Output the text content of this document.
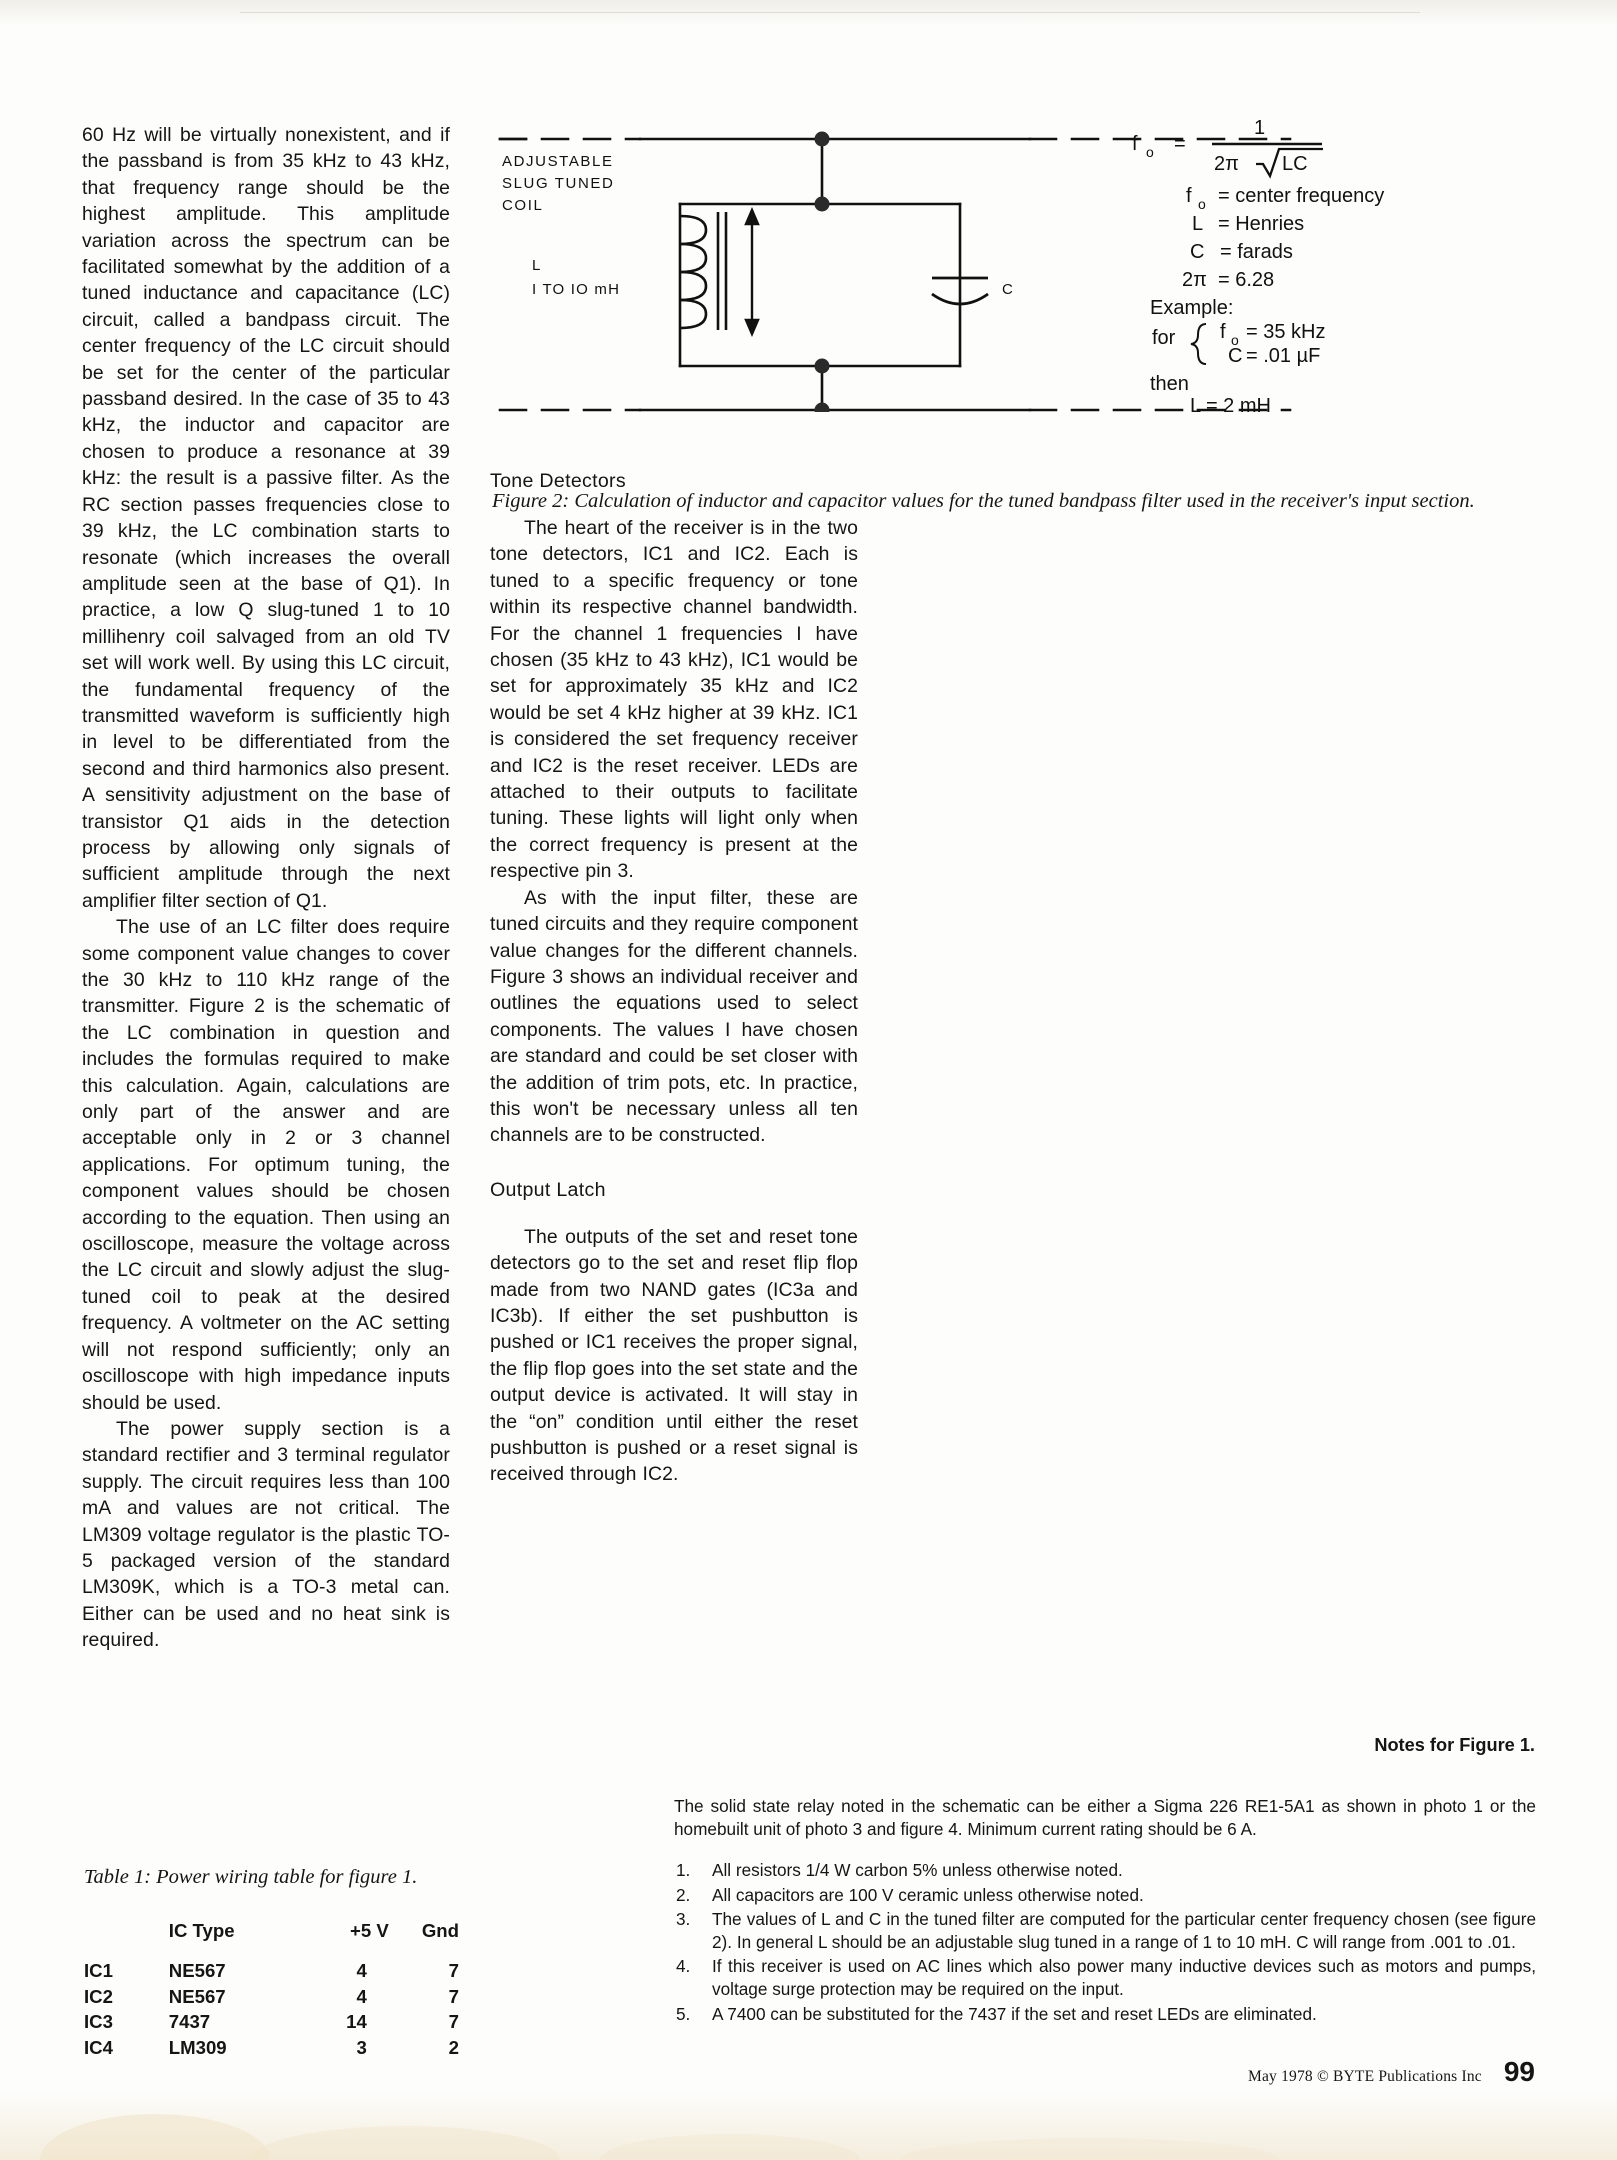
60 Hz will be virtually nonexistent, and if the passband is from 35 kHz to 43 kHz, that frequency range should be the highest amplitude. This amplitude variation across the spectrum can be facilitated somewhat by the addition of a tuned inductance and capacitance (LC) circuit, called a bandpass circuit. The center frequency of the LC circuit should be set for the center of the particular passband desired. In the case of 35 to 43 kHz, the inductor and capacitor are chosen to produce a resonance at 39 kHz: the result is a passive filter. As the RC section passes frequencies close to 39 kHz, the LC combination starts to resonate (which increases the overall amplitude seen at the base of Q1). In practice, a low Q slug-tuned 1 to 10 millihenry coil salvaged from an old TV set will work well. By using this LC circuit, the fundamental frequency of the transmitted waveform is sufficiently high in level to be differentiated from the second and third harmonics also present. A sensitivity adjustment on the base of transistor Q1 aids in the detection process by allowing only signals of sufficient amplitude through the next amplifier filter section of Q1.

The use of an LC filter does require some component value changes to cover the 30 kHz to 110 kHz range of the transmitter. Figure 2 is the schematic of the LC combination in question and includes the formulas required to make this calculation. Again, calculations are only part of the answer and are acceptable only in 2 or 3 channel applications. For optimum tuning, the component values should be chosen according to the equation. Then using an oscilloscope, measure the voltage across the LC circuit and slowly adjust the slug-tuned coil to peak at the desired frequency. A voltmeter on the AC setting will not respond sufficiently; only an oscilloscope with high impedance inputs should be used.

The power supply section is a standard rectifier and 3 terminal regulator supply. The circuit requires less than 100 mA and values are not critical. The LM309 voltage regulator is the plastic TO-5 packaged version of the standard LM309K, which is a TO-3 metal can. Either can be used and no heat sink is required.

ADJUSTABLE
SLUG TUNED
COIL
L
I TO IO mH	C
f o =
1
2π LC
f o = center frequency
L = Henries
C = farads
2π = 6.28
Example:
for f o = 35 kHz
C = .01 µF
then
L = 2 mH
Figure 2: Calculation of inductor and capacitor values for the tuned bandpass filter used in the receiver's input section.
Tone Detectors

The heart of the receiver is in the two tone detectors, IC1 and IC2. Each is tuned to a specific frequency or tone within its respective channel bandwidth. For the channel 1 frequencies I have chosen (35 kHz to 43 kHz), IC1 would be set for approximately 35 kHz and IC2 would be set 4 kHz higher at 39 kHz. IC1 is considered the set frequency receiver and IC2 is the reset receiver. LEDs are attached to their outputs to facilitate tuning. These lights will light only when the correct frequency is present at the respective pin 3.

As with the input filter, these are tuned circuits and they require component value changes for the different channels. Figure 3 shows an individual receiver and outlines the equations used to select components. The values I have chosen are standard and could be set closer with the addition of trim pots, etc. In practice, this won't be necessary unless all ten channels are to be constructed.

Output Latch

The outputs of the set and reset tone detectors go to the set and reset flip flop made from two NAND gates (IC3a and IC3b). If either the set pushbutton is pushed or IC1 receives the proper signal, the flip flop goes into the set state and the output device is activated. It will stay in the “on” condition until either the reset pushbutton is pushed or a reset signal is received through IC2.

Table 1: Power wiring table for figure 1.
	IC Type	+5 V	Gnd
IC1	NE567	4	7
IC2	NE567	4	7
IC3	7437	14	7
IC4	LM309	3	2
Notes for Figure 1.

The solid state relay noted in the schematic can be either a Sigma 226 RE1-5A1 as shown in photo 1 or the homebuilt unit of photo 3 and figure 4. Minimum current rating should be 6 A.

1. All resistors 1/4 W carbon 5% unless otherwise noted.
2. All capacitors are 100 V ceramic unless otherwise noted.
3. The values of L and C in the tuned filter are computed for the particular center frequency chosen (see figure 2). In general L should be an adjustable slug tuned in a range of 1 to 10 mH. C will range from .001 to .01.
4. If this receiver is used on AC lines which also power many inductive devices such as motors and pumps, voltage surge protection may be required on the input.
5. A 7400 can be substituted for the 7437 if the set and reset LEDs are eliminated.
May 1978 © BYTE Publications Inc 99
